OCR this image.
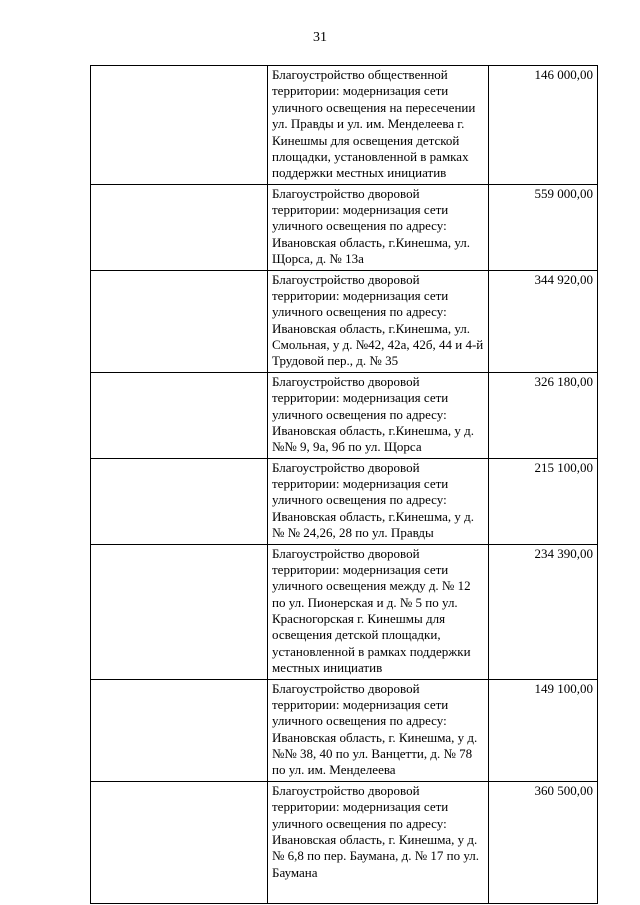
31
	Благоустройство общественной территории: модернизация сети уличного освещения на пересечении ул. Правды и ул. им. Менделеева г. Кинешмы для освещения детской площадки, установленной в рамках поддержки местных инициатив	146 000,00
	Благоустройство дворовой территории: модернизация сети уличного освещения по адресу: Ивановская область, г.Кинешма, ул. Щорса, д. № 13а	559 000,00
	Благоустройство дворовой территории: модернизация сети уличного освещения по адресу: Ивановская область, г.Кинешма, ул. Смольная, у д. №42, 42а, 42б, 44 и 4-й Трудовой пер., д. № 35	344 920,00
	Благоустройство дворовой территории: модернизация сети уличного освещения по адресу: Ивановская область, г.Кинешма, у д. №№ 9, 9а, 9б по ул. Щорса	326 180,00
	Благоустройство дворовой территории: модернизация сети уличного освещения по адресу: Ивановская область, г.Кинешма, у д. № № 24,26, 28 по ул. Правды	215 100,00
	Благоустройство дворовой территории: модернизация сети уличного освещения между д. № 12 по ул. Пионерская и д. № 5 по ул. Красногорская г. Кинешмы для освещения детской площадки, установленной в рамках поддержки местных инициатив	234 390,00
	Благоустройство дворовой территории: модернизация сети уличного освещения по адресу: Ивановская область, г. Кинешма, у д. №№ 38, 40 по ул. Ванцетти, д. № 78 по ул. им. Менделеева	149 100,00
	Благоустройство дворовой территории: модернизация сети уличного освещения по адресу: Ивановская область, г. Кинешма, у д. № 6,8 по пер. Баумана, д. № 17 по ул. Баумана	360 500,00
